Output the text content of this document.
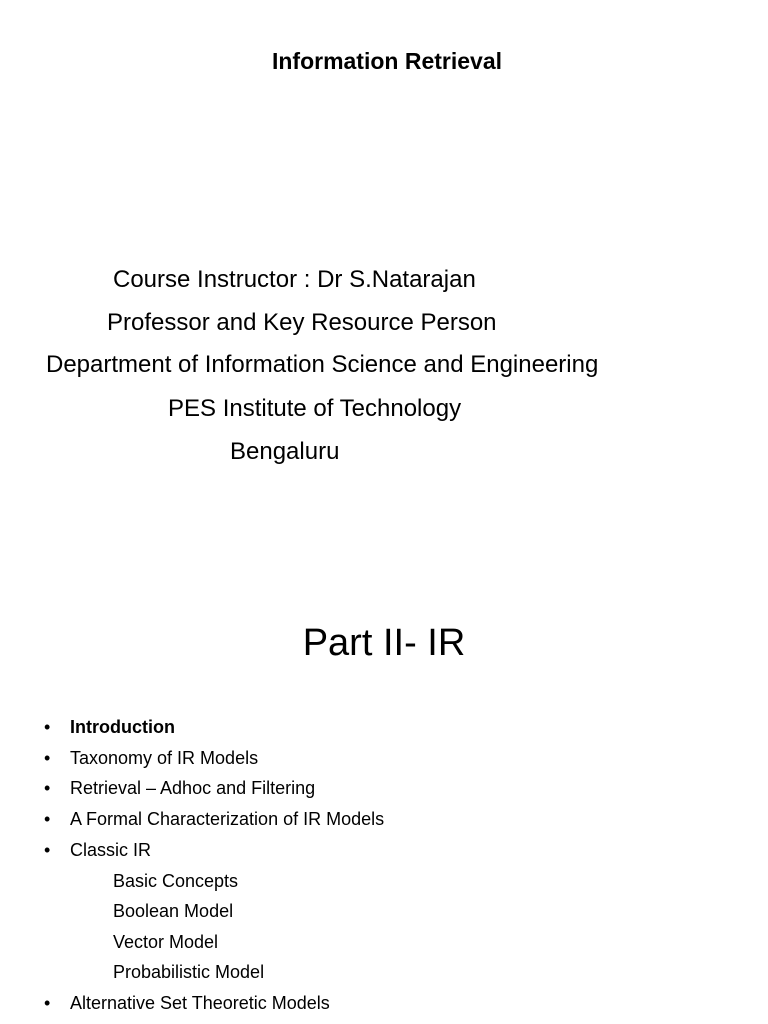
Information Retrieval
Course Instructor : Dr S.Natarajan
Professor and Key Resource Person
Department of Information Science and Engineering
PES Institute of Technology
Bengaluru
Part II- IR
• Introduction
• Taxonomy of IR Models
• Retrieval – Adhoc and Filtering
• A Formal Characterization of IR Models
• Classic IR
Basic Concepts
Boolean Model
Vector Model
Probabilistic Model
• Alternative Set Theoretic Models
